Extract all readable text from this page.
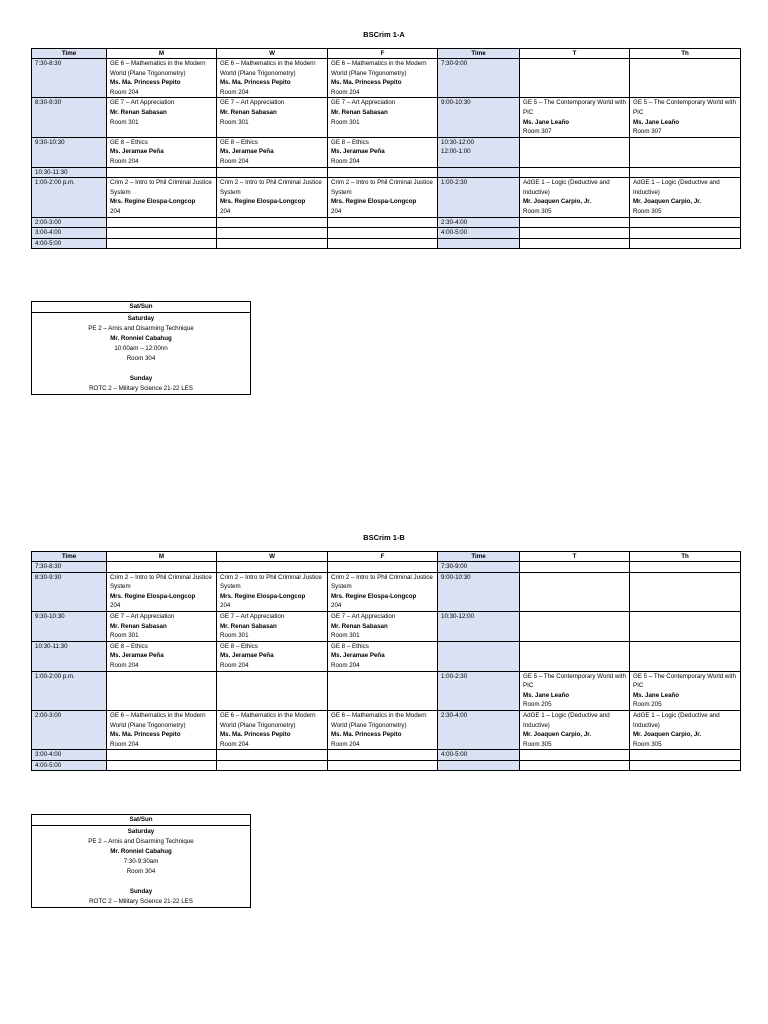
BSCrim 1-A
Time	M	W	F	Time	T	Th
7:30-8:30	GE 6 – Mathematics in the Modern World (Plane Trigonometry)
Ms. Ma. Princess Pepito
Room 204	GE 6 – Mathematics in the Modern World (Plane Trigonometry)
Ms. Ma. Princess Pepito
Room 204	GE 6 – Mathematics in the Modern World (Plane Trigonometry)
Ms. Ma. Princess Pepito
Room 204	7:30-9:00		
8:30-9:30	GE 7 – Art Appreciation
Mr. Renan Sabasan
Room 301	GE 7 – Art Appreciation
Mr. Renan Sabasan
Room 301	GE 7 – Art Appreciation
Mr. Renan Sabasan
Room 301	9:00-10:30	GE 5 – The Contemporary World with PIC
Ms. Jane Leaño
Room 307	GE 5 – The Contemporary World with PIC
Ms. Jane Leaño
Room 307

9:30-10:30	GE 8 – Ethics
Ms. Jeramae Peña
Room 204	GE 8 – Ethics
Ms. Jeramae Peña
Room 204	GE 8 – Ethics
Ms. Jeramae Peña
Room 204	10:30-12:00
12:00-1:00		
10:30-11:30						
1:00-2:00 p.m.	Crim 2 – Intro to Phil Criminal Justice System
Mrs. Regine Elospa-Longcop
204	Crim 2 – Intro to Phil Criminal Justice System
Mrs. Regine Elospa-Longcop
204	Crim 2 – Intro to Phil Criminal Justice System
Mrs. Regine Elospa-Longcop
204	1:00-2:30	AdGE 1 – Logic (Deductive and Inductive)
Mr. Joaquen Carpio, Jr.
Room 305	AdGE 1 – Logic (Deductive and Inductive)
Mr. Joaquen Carpio, Jr.
Room 305

2:00-3:00				2:30-4:00		
3:00-4:00				4:00-5:00		
4:00-5:00						
Sat/Sun
Saturday
PE 2 – Arnis and Disarming Technique
Mr. Ronniel Cabahug
10:00am – 12:00nn
Room 304
Sunday
ROTC 2 – Military Science 21-22 LES
BSCrim 1-B
Time	M	W	F	Time	T	Th
7:30-8:30				7:30-9:00		
8:30-9:30	Crim 2 – Intro to Phil Criminal Justice System
Mrs. Regine Elospa-Longcop
204	Crim 2 – Intro to Phil Criminal Justice System
Mrs. Regine Elospa-Longcop
204	Crim 2 – Intro to Phil Criminal Justice System
Mrs. Regine Elospa-Longcop
204	9:00-10:30		
9:30-10:30	GE 7 – Art Appreciation
Mr. Renan Sabasan
Room 301	GE 7 – Art Appreciation
Mr. Renan Sabasan
Room 301	GE 7 – Art Appreciation
Mr. Renan Sabasan
Room 301	10:30-12:00		
10:30-11:30	GE 8 – Ethics
Ms. Jeramae Peña
Room 204	GE 8 – Ethics
Ms. Jeramae Peña
Room 204	GE 8 – Ethics
Ms. Jeramae Peña
Room 204			

1:00-2:00 p.m.				1:00-2:30	GE 5 – The Contemporary World with PIC
Ms. Jane Leaño
Room 205	GE 5 – The Contemporary World with PIC
Ms. Jane Leaño
Room 205

2:00-3:00	GE 6 – Mathematics in the Modern World (Plane Trigonometry)
Ms. Ma. Princess Pepito
Room 204	GE 6 – Mathematics in the Modern World (Plane Trigonometry)
Ms. Ma. Princess Pepito
Room 204	GE 6 – Mathematics in the Modern World (Plane Trigonometry)
Ms. Ma. Princess Pepito
Room 204	2:30-4:00	AdGE 1 – Logic (Deductive and Inductive)
Mr. Joaquen Carpio, Jr.
Room 305	AdGE 1 – Logic (Deductive and Inductive)
Mr. Joaquen Carpio, Jr.
Room 305

3:00-4:00				4:00-5:00		
4:00-5:00						
Sat/Sun
Saturday
PE 2 – Arnis and Disarming Technique
Mr. Ronniel Cabahug
7:30-9:30am
Room 304
Sunday
ROTC 2 – Military Science 21-22 LES
